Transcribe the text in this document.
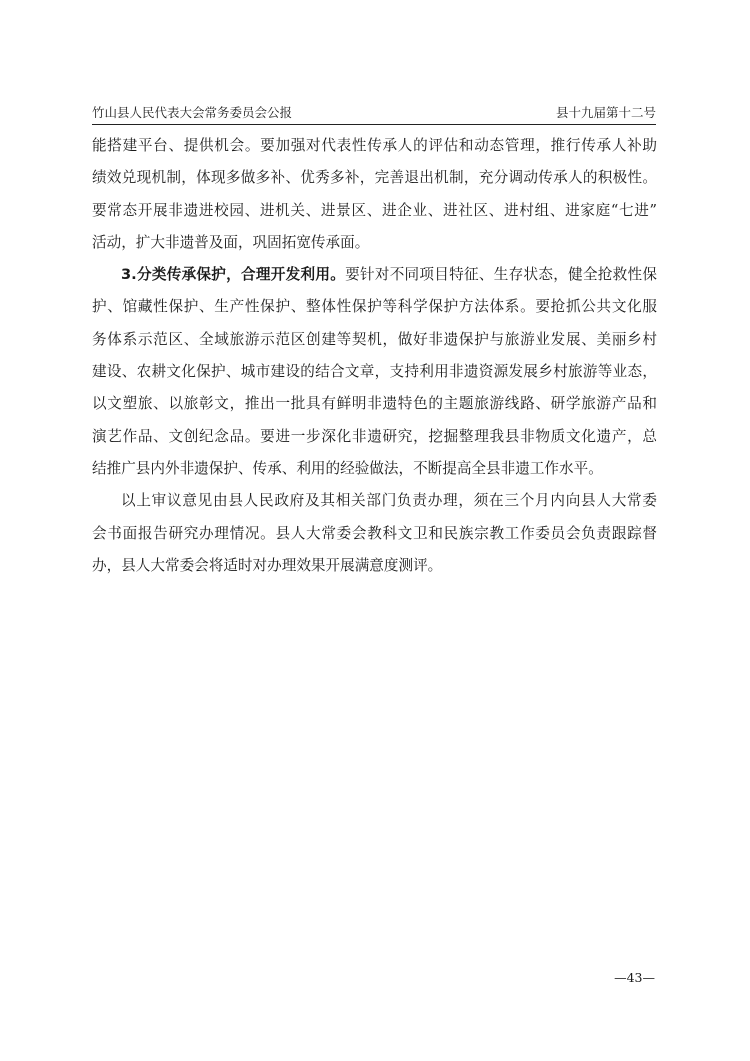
竹山县人民代表大会常务委员会公报	县十九届第十二号
能搭建平台、提供机会。要加强对代表性传承人的评估和动态管理，推行传承人补助
绩效兑现机制，体现多做多补、优秀多补，完善退出机制，充分调动传承人的积极性。
要常态开展非遗进校园、进机关、进景区、进企业、进社区、进村组、进家庭“七进”
活动，扩大非遗普及面，巩固拓宽传承面。
3.分类传承保护，合理开发利用。要针对不同项目特征、生存状态，健全抢救性保
护、馆藏性保护、生产性保护、整体性保护等科学保护方法体系。要抢抓公共文化服
务体系示范区、全域旅游示范区创建等契机，做好非遗保护与旅游业发展、美丽乡村
建设、农耕文化保护、城市建设的结合文章，支持利用非遗资源发展乡村旅游等业态，
以文塑旅、以旅彰文，推出一批具有鲜明非遗特色的主题旅游线路、研学旅游产品和
演艺作品、文创纪念品。要进一步深化非遗研究，挖掘整理我县非物质文化遗产，总
结推广县内外非遗保护、传承、利用的经验做法，不断提高全县非遗工作水平。
以上审议意见由县人民政府及其相关部门负责办理，须在三个月内向县人大常委
会书面报告研究办理情况。县人大常委会教科文卫和民族宗教工作委员会负责跟踪督
办，县人大常委会将适时对办理效果开展满意度测评。
—43—
